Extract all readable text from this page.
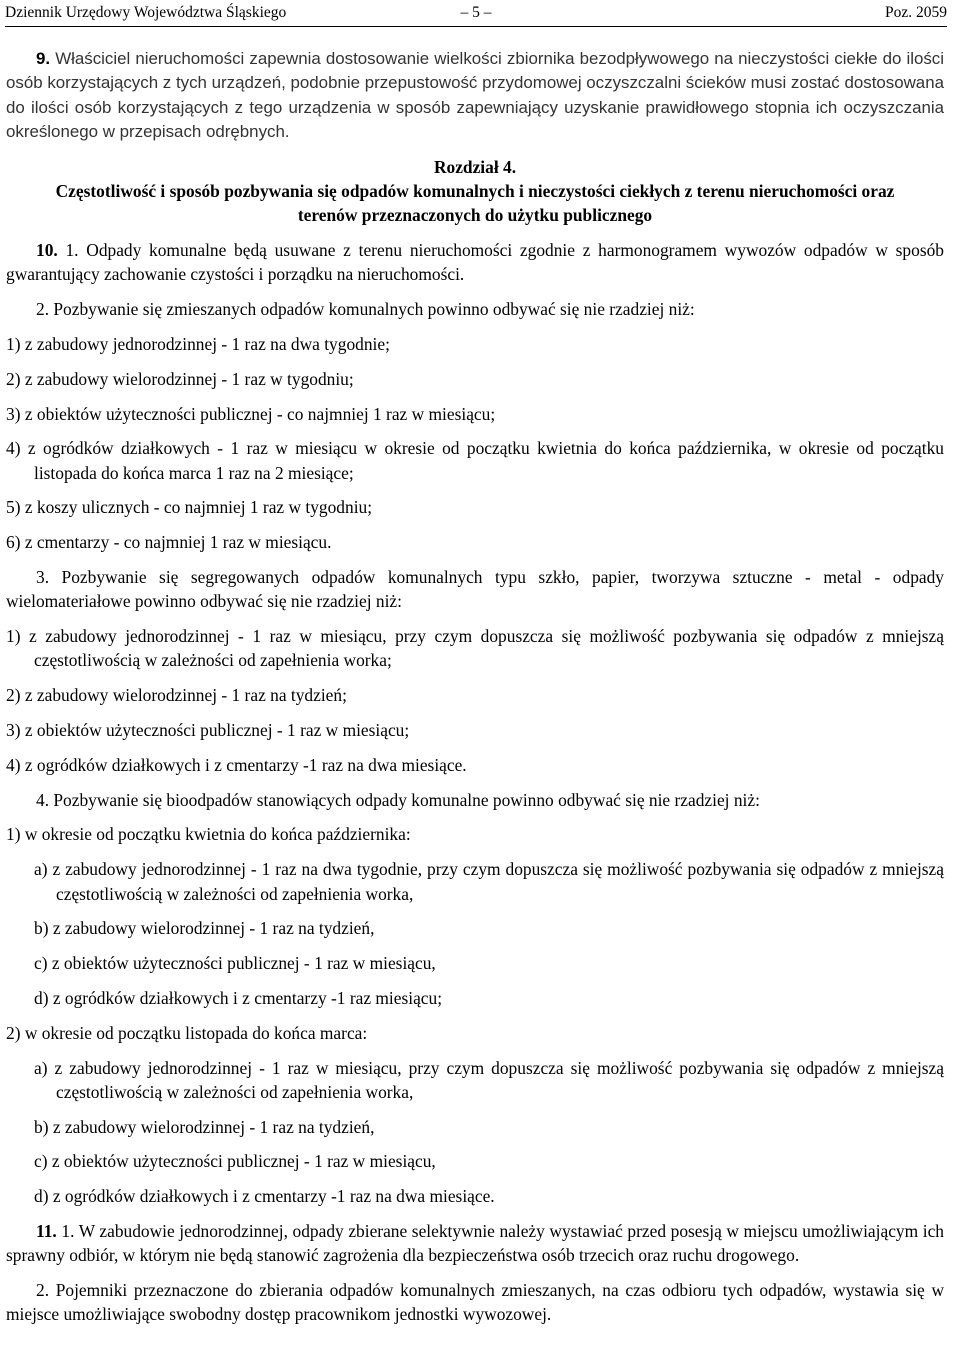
Dziennik Urzędowy Województwa Śląskiego	– 5 –	Poz. 2059

9. Właściciel nieruchomości zapewnia dostosowanie wielkości zbiornika bezodpływowego na nieczystości ciekłe do ilości osób korzystających z tych urządzeń, podobnie przepustowość przydomowej oczyszczalni ścieków musi zostać dostosowana do ilości osób korzystających z tego urządzenia w sposób zapewniający uzyskanie prawidłowego stopnia ich oczyszczania określonego w przepisach odrębnych.

Rozdział 4.

Częstotliwość i sposób pozbywania się odpadów komunalnych i nieczystości ciekłych z terenu nieruchomości oraz terenów przeznaczonych do użytku publicznego

10. 1. Odpady komunalne będą usuwane z terenu nieruchomości zgodnie z harmonogramem wywozów odpadów w sposób gwarantujący zachowanie czystości i porządku na nieruchomości.

2. Pozbywanie się zmieszanych odpadów komunalnych powinno odbywać się nie rzadziej niż:

1) z zabudowy jednorodzinnej - 1 raz na dwa tygodnie;

2) z zabudowy wielorodzinnej - 1 raz w tygodniu;

3) z obiektów użyteczności publicznej - co najmniej 1 raz w miesiącu;

4) z ogródków działkowych - 1 raz w miesiącu w okresie od początku kwietnia do końca października, w okresie od początku listopada do końca marca 1 raz na 2 miesiące;

5) z koszy ulicznych - co najmniej 1 raz w tygodniu;

6) z cmentarzy - co najmniej 1 raz w miesiącu.

3. Pozbywanie się segregowanych odpadów komunalnych typu szkło, papier, tworzywa sztuczne - metal - odpady wielomateriałowe powinno odbywać się nie rzadziej niż:

1) z zabudowy jednorodzinnej - 1 raz w miesiącu, przy czym dopuszcza się możliwość pozbywania się odpadów z mniejszą częstotliwością w zależności od zapełnienia worka;

2) z zabudowy wielorodzinnej - 1 raz na tydzień;

3) z obiektów użyteczności publicznej - 1 raz w miesiącu;

4) z ogródków działkowych i z cmentarzy -1 raz na dwa miesiące.

4. Pozbywanie się bioodpadów stanowiących odpady komunalne powinno odbywać się nie rzadziej niż:

1) w okresie od początku kwietnia do końca października:

a) z zabudowy jednorodzinnej - 1 raz na dwa tygodnie, przy czym dopuszcza się możliwość pozbywania się odpadów z mniejszą częstotliwością w zależności od zapełnienia worka,

b) z zabudowy wielorodzinnej - 1 raz na tydzień,

c) z obiektów użyteczności publicznej - 1 raz w miesiącu,

d) z ogródków działkowych i z cmentarzy -1 raz miesiącu;

2) w okresie od początku listopada do końca marca:

a) z zabudowy jednorodzinnej - 1 raz w miesiącu, przy czym dopuszcza się możliwość pozbywania się odpadów z mniejszą częstotliwością w zależności od zapełnienia worka,

b) z zabudowy wielorodzinnej - 1 raz na tydzień,

c) z obiektów użyteczności publicznej - 1 raz w miesiącu,

d) z ogródków działkowych i z cmentarzy -1 raz na dwa miesiące.

11. 1. W zabudowie jednorodzinnej, odpady zbierane selektywnie należy wystawiać przed posesją w miejscu umożliwiającym ich sprawny odbiór, w którym nie będą stanowić zagrożenia dla bezpieczeństwa osób trzecich oraz ruchu drogowego.

2. Pojemniki przeznaczone do zbierania odpadów komunalnych zmieszanych, na czas odbioru tych odpadów, wystawia się w miejsce umożliwiające swobodny dostęp pracownikom jednostki wywozowej.
